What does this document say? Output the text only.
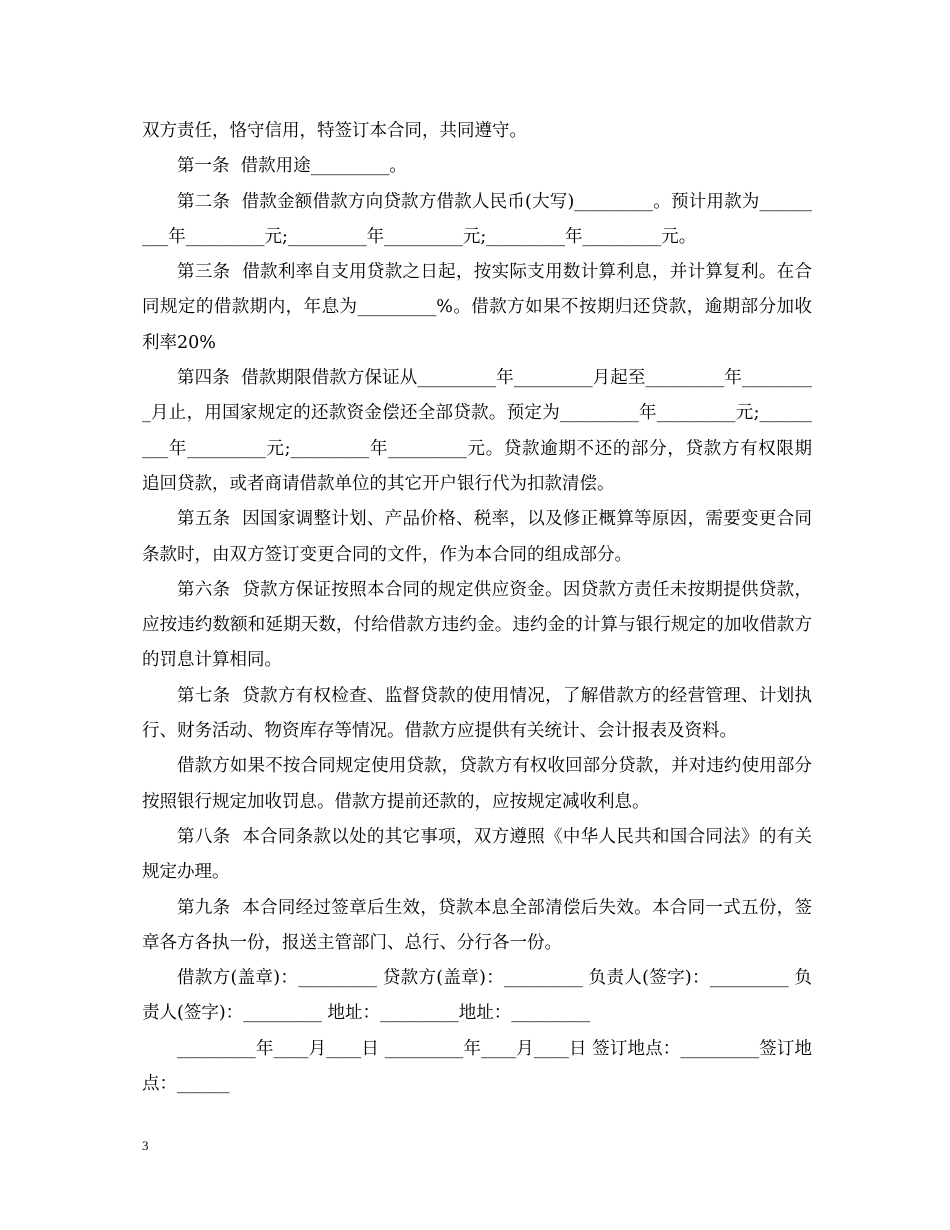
双方责任，恪守信用，特签订本合同，共同遵守。

第一条  借款用途_________。

第二条  借款金额借款方向贷款方借款人民币(大写)_________。预计用款为_________年_________元;_________年_________元;_________年_________元。

第三条  借款利率自支用贷款之日起，按实际支用数计算利息，并计算复利。在合同规定的借款期内，年息为_________%。借款方如果不按期归还贷款，逾期部分加收利率20%

第四条  借款期限借款方保证从_________年_________月起至_________年_________月止，用国家规定的还款资金偿还全部贷款。预定为_________年_________元;_________年_________元;_________年_________元。贷款逾期不还的部分，贷款方有权限期追回贷款，或者商请借款单位的其它开户银行代为扣款清偿。

第五条  因国家调整计划、产品价格、税率，以及修正概算等原因，需要变更合同条款时，由双方签订变更合同的文件，作为本合同的组成部分。

第六条  贷款方保证按照本合同的规定供应资金。因贷款方责任未按期提供贷款，应按违约数额和延期天数，付给借款方违约金。违约金的计算与银行规定的加收借款方的罚息计算相同。

第七条  贷款方有权检查、监督贷款的使用情况，了解借款方的经营管理、计划执行、财务活动、物资库存等情况。借款方应提供有关统计、会计报表及资料。

借款方如果不按合同规定使用贷款，贷款方有权收回部分贷款，并对违约使用部分按照银行规定加收罚息。借款方提前还款的，应按规定减收利息。

第八条  本合同条款以处的其它事项，双方遵照《中华人民共和国合同法》的有关规定办理。

第九条  本合同经过签章后生效，贷款本息全部清偿后失效。本合同一式五份，签章各方各执一份，报送主管部门、总行、分行各一份。

借款方(盖章)：_________ 贷款方(盖章)：_________ 负责人(签字)：_________ 负责人(签字)：_________ 地址：_________地址：_________

_________年____月____日 _________年____月____日 签订地点：_________签订地点：______

3
